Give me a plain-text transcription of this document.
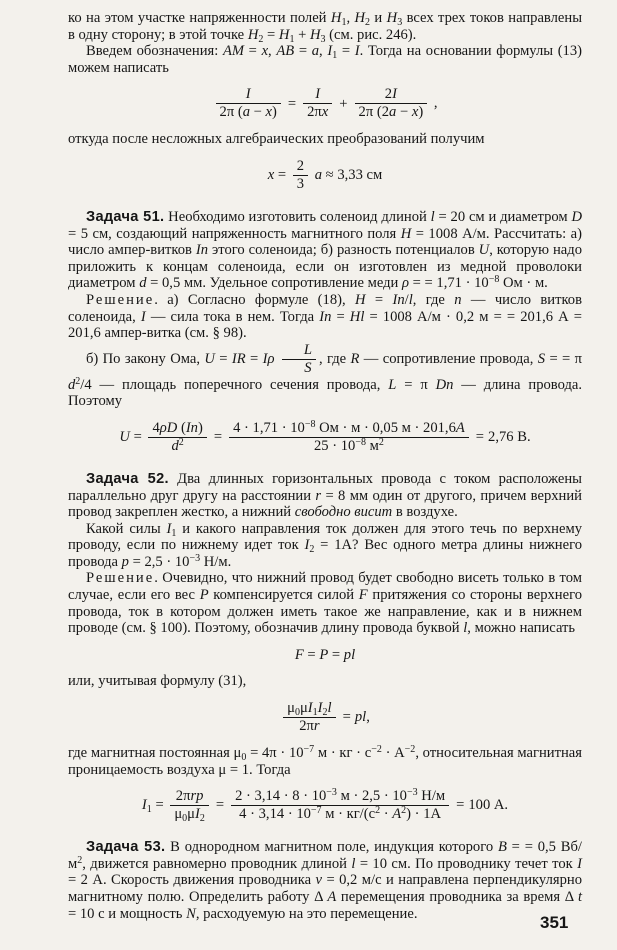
ко на этом участке напряженности полей $H_1$, $H_2$ и $H_3$ всех трех токов направлены в одну сторону; в этой точке $H_2 = H_1 + H_3$ (см. рис. 246).

Введем обозначения: AM = x, AB = a, $I_1 = I$. Тогда на основании формулы (13) можем написать

$\frac{I}{2\pi (a - x)} = \frac{I}{2\pi x} + \frac{2I}{2\pi (2a - x)}$ ,

откуда после несложных алгебраических преобразований получим

$x = \frac{2}{3}$ a ≈ 3,33 см

Задача 51. Необходимо изготовить соленоид длиной l = 20 см и диаметром D = 5 см, создающий напряженность магнитного поля H = 1008 А/м. Рассчитать: а) число ампер-витков In этого соленоида; б) разность потенциалов U, которую надо приложить к концам соленоида, если он изготовлен из медной проволоки диаметром d = 0,5 мм. Удельное сопротивление меди ρ = = $1,71 \cdot 10^{-8}$ Ом · м.

Решение. а) Согласно формуле (18), H = In/l, где n — число витков соленоида, I — сила тока в нем. Тогда In = Hl = 1008 А/м · 0,2 м = = 201,6 А = 201,6 ампер-витка (см. § 98).

б) По закону Ома, U = IR = Iρ $\frac{L}{S}$ , где R — сопротивление провода, S = = π $d^2/4$ — площадь поперечного сечения провода, L = π Dn — длина провода. Поэтому

$U = \frac{4\rho D (In)}{d^2} = \frac{4 \cdot 1,71 \cdot 10^{-8} Ом \cdot м \cdot 0,05 м \cdot 201,6А}{25 \cdot 10^{-8} м^2} = 2,76$ В.

Задача 52. Два длинных горизонтальных провода с током расположены параллельно друг другу на расстоянии r = 8 мм один от другого, причем верхний провод закреплен жестко, а нижний свободно висит в воздухе.

Какой силы $I_1$ и какого направления ток должен для этого течь по верхнему проводу, если по нижнему идет ток $I_2 = 1А$? Вес одного метра длины нижнего провода $p = 2,5 \cdot 10^{-3}$ Н/м.

Решение. Очевидно, что нижний провод будет свободно висеть только в том случае, если его вес P компенсируется силой F притяжения со стороны верхнего провода, ток в котором должен иметь такое же направление, как и в нижнем проводе (см. § 100). Поэтому, обозначив длину провода буквой l, можно написать

F = P = pl

или, учитывая формулу (31),

$\frac{\mu_0\mu I_1I_2l}{2\pi r}$ = pl,

где магнитная постоянная $\mu_0 = 4\pi \cdot 10^{-7}$ м · кг · $с^{-2} \cdot А^{-2}$, относительная магнитная проницаемость воздуха μ = 1. Тогда

$I_1 = \frac{\text{2πrp}}{\mu_0\mu I_2} = \frac{2 \cdot 3,14 \cdot 8 \cdot 10^{-3} м \cdot 2,5 \cdot 10^{-3} Н/м}{4 \cdot 3,14 \cdot 10^{-7} м \cdot кг/(с^2 \cdot А^2) \cdot 1А} = 100$ А.

Задача 53. В однородном магнитном поле, индукция которого B = = 0,5 $Вб/м^2$, движется равномерно проводник длиной l = 10 см. По проводнику течет ток I = 2 А. Скорость движения проводника v = 0,2 м/с и направлена перпендикулярно магнитному полю. Определить работу Δ A перемещения проводника за время Δ t = 10 с и мощность N, расходуемую на это перемещение.	351
